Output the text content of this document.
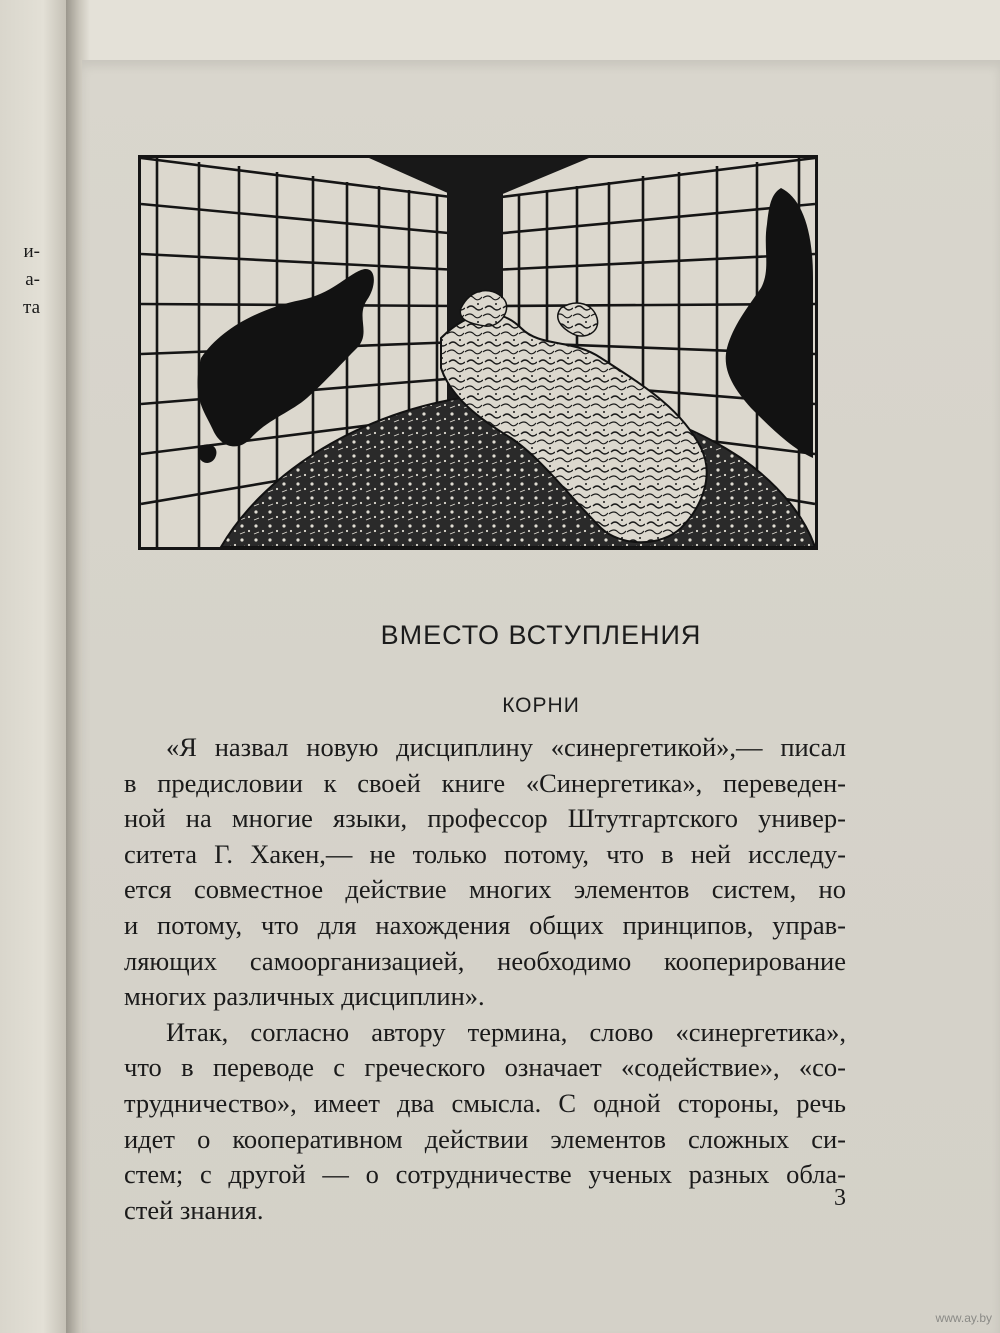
и-
а-
та
ВМЕСТО ВСТУПЛЕНИЯ
КОРНИ
«Я назвал новую дисциплину «синергетикой»,— писал
в предисловии к своей книге «Синергетика», переведен-
ной на многие языки, профессор Штутгартского универ-
ситета Г. Хакен,— не только потому, что в ней исследу-
ется совместное действие многих элементов систем, но
и потому, что для нахождения общих принципов, управ-
ляющих самоорганизацией, необходимо кооперирование
многих различных дисциплин».
Итак, согласно автору термина, слово «синергетика»,
что в переводе с греческого означает «содействие», «со-
трудничество», имеет два смысла. С одной стороны, речь
идет о кооперативном действии элементов сложных си-
стем; с другой — о сотрудничестве ученых разных обла-
стей знания.	3
www.ay.by
